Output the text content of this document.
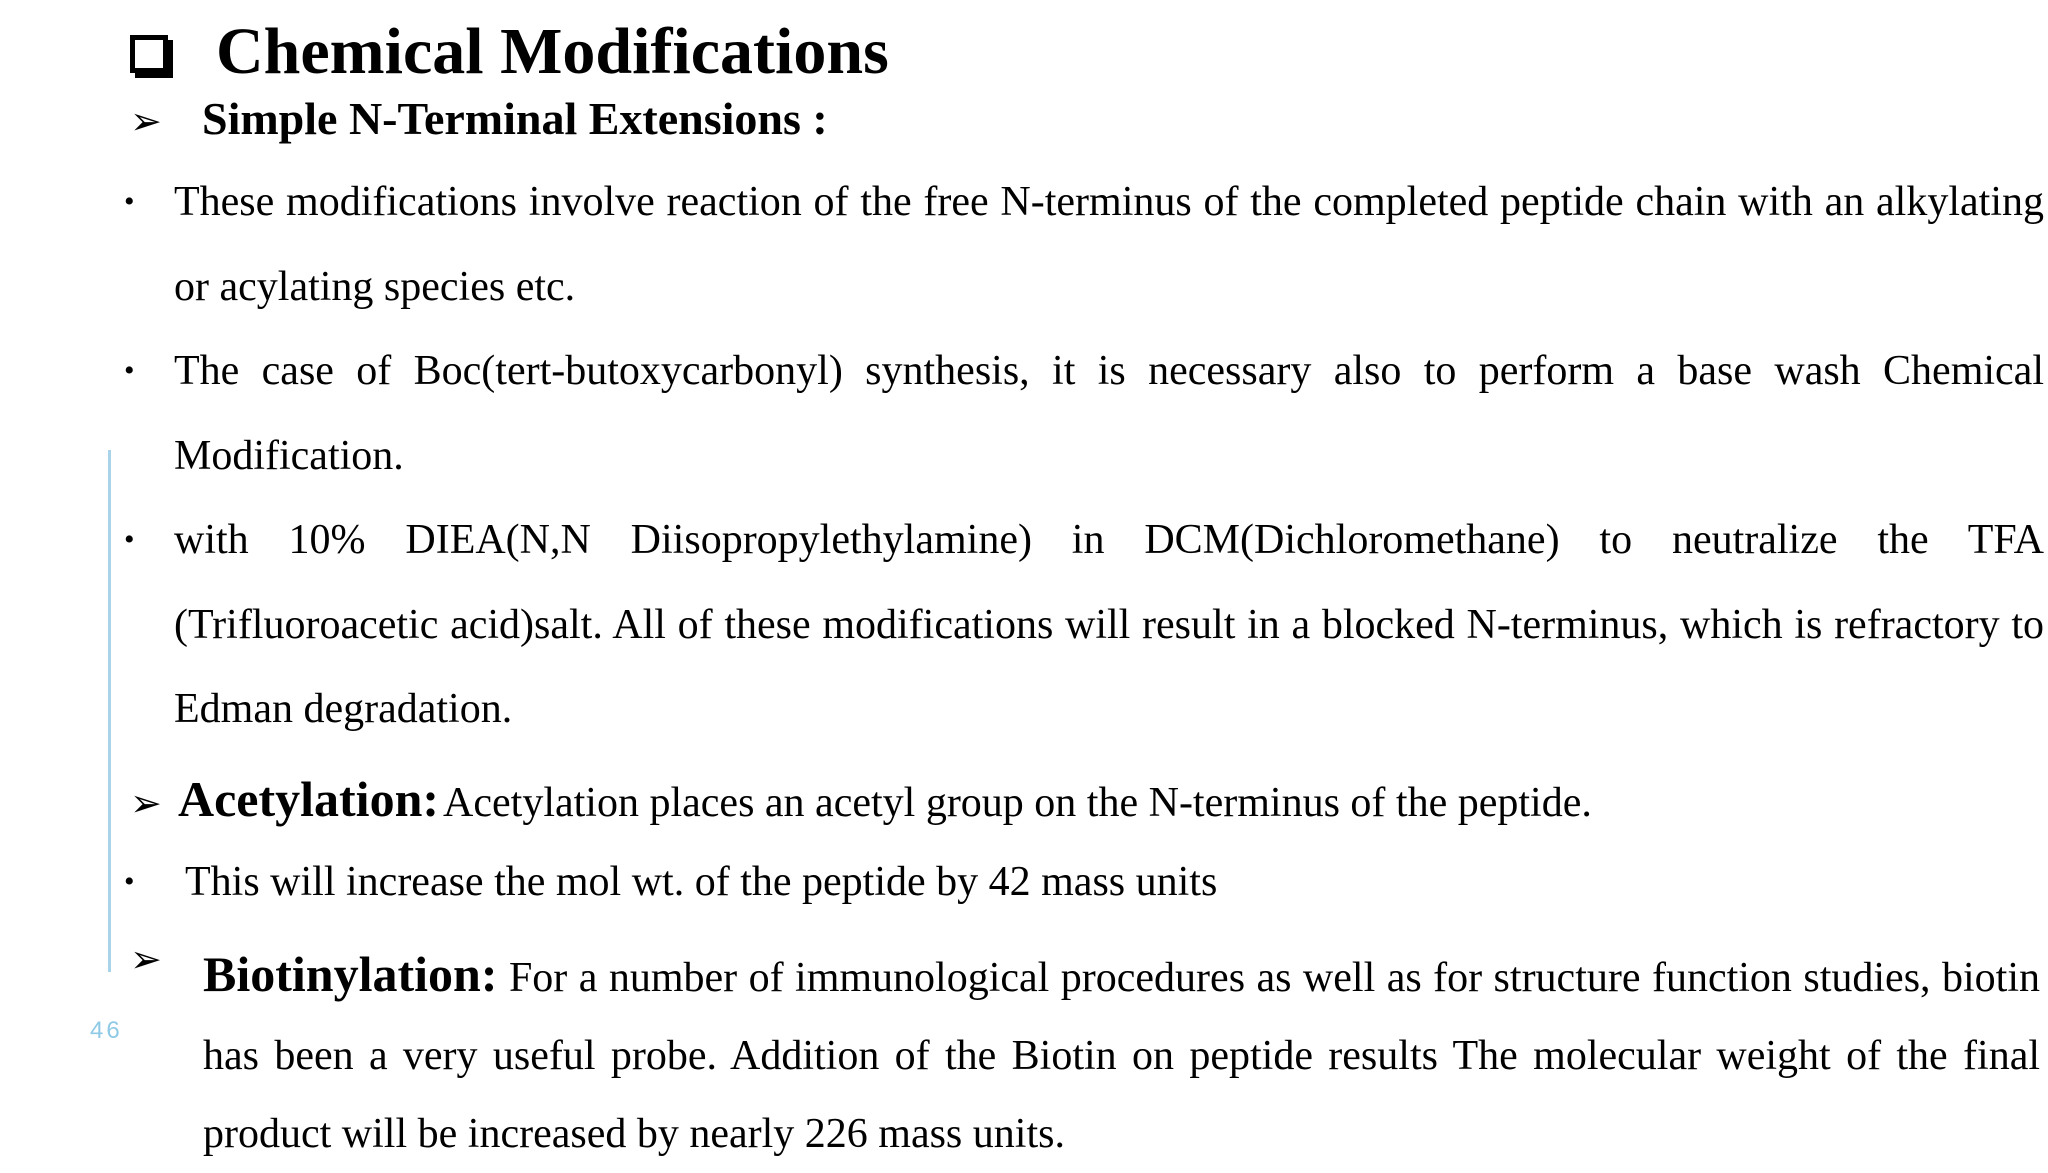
46
Chemical Modifications
➢ Simple N-Terminal Extensions :
• These modifications involve reaction of the free N-terminus of the completed peptide chain with an alkylating or acylating species etc.
• The case of Boc(tert-butoxycarbonyl) synthesis, it is necessary also to perform a base wash Chemical Modification.
• with 10% DIEA(N,N Diisopropylethylamine) in DCM(Dichloromethane) to neutralize the TFA (Trifluoroacetic acid)salt. All of these modifications will result in a blocked N-terminus, which is refractory to Edman degradation.
➢ Acetylation: Acetylation places an acetyl group on the N-terminus of the peptide.
• This will increase the mol wt. of the peptide by 42 mass units
➢ Biotinylation: For a number of immunological procedures as well as for structure function studies, biotin has been a very useful probe. Addition of the Biotin on peptide results The molecular weight of the final product will be increased by nearly 226 mass units.
